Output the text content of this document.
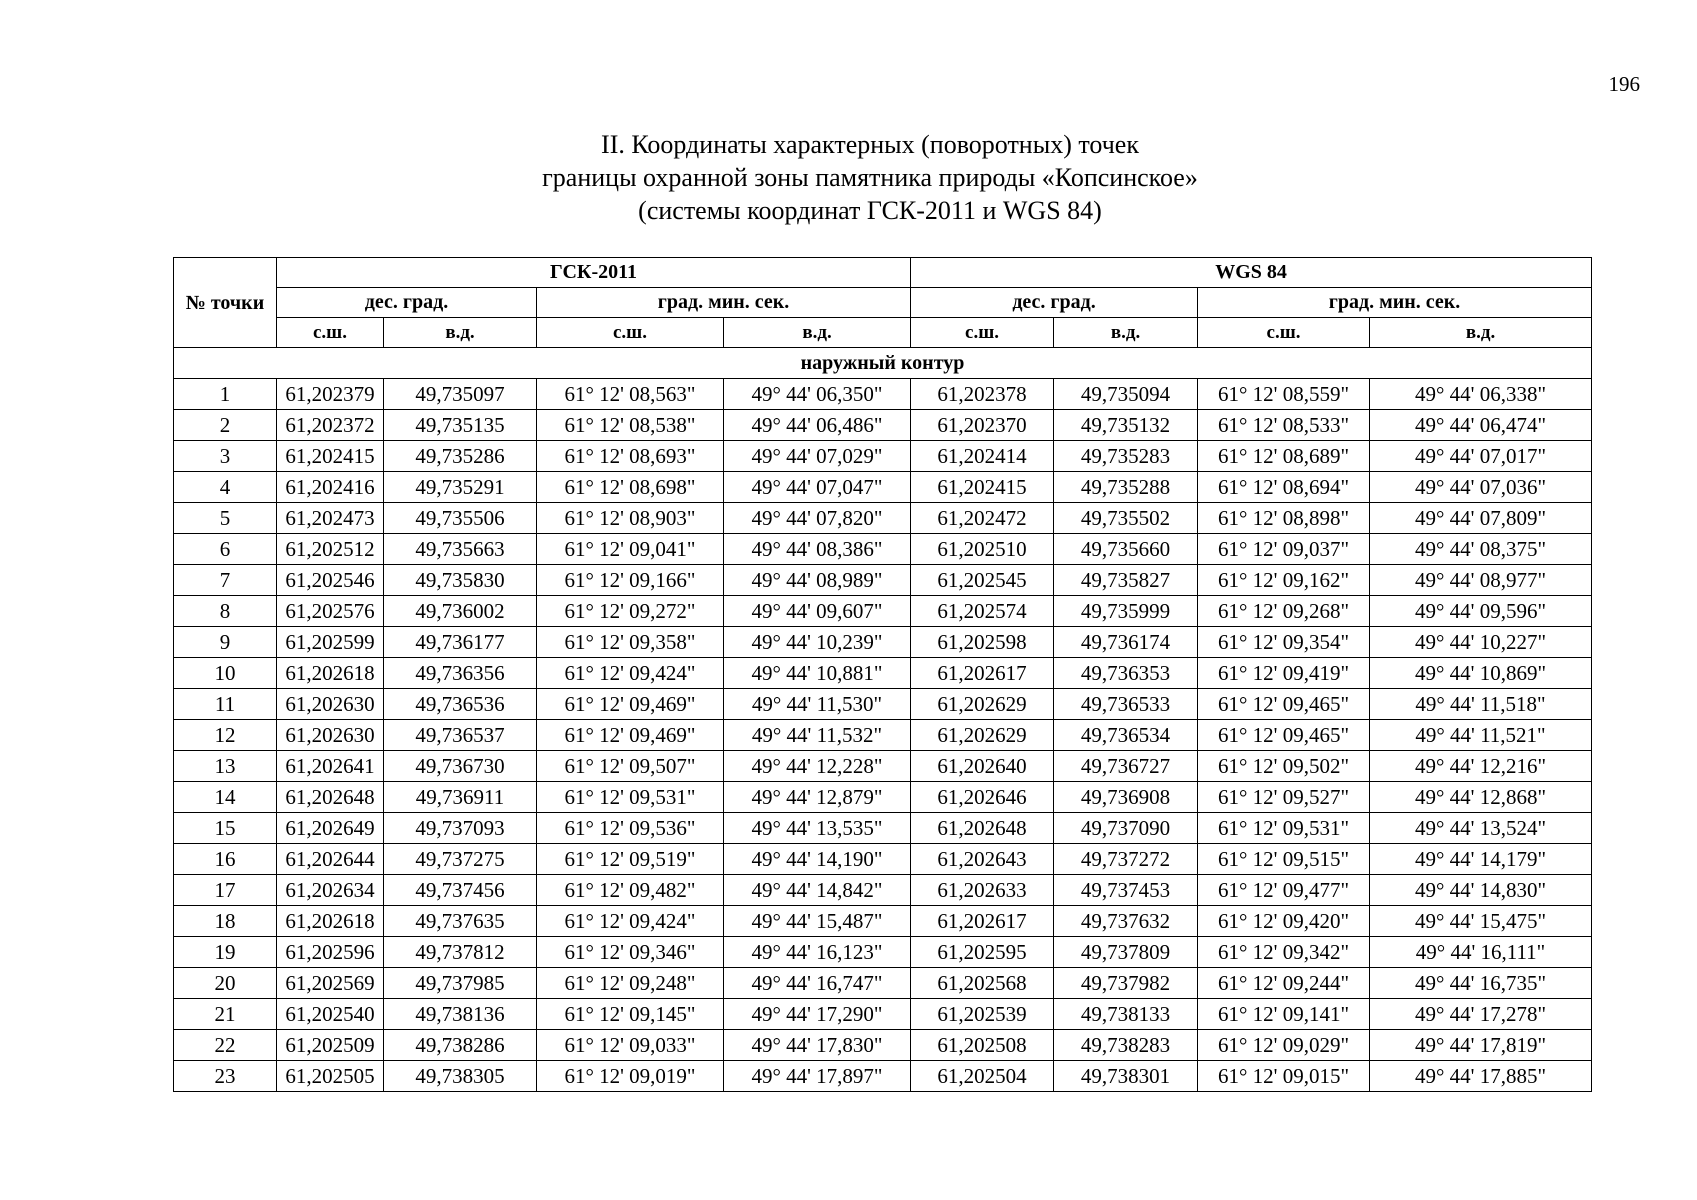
196
II. Координаты характерных (поворотных) точек
границы охранной зоны памятника природы «Копсинское»
(системы координат ГСК-2011 и WGS 84)
№ точки	ГСК-2011				WGS 84			
	дес. град.		град. мин. сек.		дес. град.		град. мин. сек.	
	с.ш.	в.д.	с.ш.	в.д.	с.ш.	в.д.	с.ш.	в.д.
наружный контур								
1	61,202379	49,735097	61° 12' 08,563"	49° 44' 06,350"	61,202378	49,735094	61° 12' 08,559"	49° 44' 06,338"
2	61,202372	49,735135	61° 12' 08,538"	49° 44' 06,486"	61,202370	49,735132	61° 12' 08,533"	49° 44' 06,474"
3	61,202415	49,735286	61° 12' 08,693"	49° 44' 07,029"	61,202414	49,735283	61° 12' 08,689"	49° 44' 07,017"
4	61,202416	49,735291	61° 12' 08,698"	49° 44' 07,047"	61,202415	49,735288	61° 12' 08,694"	49° 44' 07,036"
5	61,202473	49,735506	61° 12' 08,903"	49° 44' 07,820"	61,202472	49,735502	61° 12' 08,898"	49° 44' 07,809"
6	61,202512	49,735663	61° 12' 09,041"	49° 44' 08,386"	61,202510	49,735660	61° 12' 09,037"	49° 44' 08,375"
7	61,202546	49,735830	61° 12' 09,166"	49° 44' 08,989"	61,202545	49,735827	61° 12' 09,162"	49° 44' 08,977"
8	61,202576	49,736002	61° 12' 09,272"	49° 44' 09,607"	61,202574	49,735999	61° 12' 09,268"	49° 44' 09,596"
9	61,202599	49,736177	61° 12' 09,358"	49° 44' 10,239"	61,202598	49,736174	61° 12' 09,354"	49° 44' 10,227"
10	61,202618	49,736356	61° 12' 09,424"	49° 44' 10,881"	61,202617	49,736353	61° 12' 09,419"	49° 44' 10,869"
11	61,202630	49,736536	61° 12' 09,469"	49° 44' 11,530"	61,202629	49,736533	61° 12' 09,465"	49° 44' 11,518"
12	61,202630	49,736537	61° 12' 09,469"	49° 44' 11,532"	61,202629	49,736534	61° 12' 09,465"	49° 44' 11,521"
13	61,202641	49,736730	61° 12' 09,507"	49° 44' 12,228"	61,202640	49,736727	61° 12' 09,502"	49° 44' 12,216"
14	61,202648	49,736911	61° 12' 09,531"	49° 44' 12,879"	61,202646	49,736908	61° 12' 09,527"	49° 44' 12,868"
15	61,202649	49,737093	61° 12' 09,536"	49° 44' 13,535"	61,202648	49,737090	61° 12' 09,531"	49° 44' 13,524"
16	61,202644	49,737275	61° 12' 09,519"	49° 44' 14,190"	61,202643	49,737272	61° 12' 09,515"	49° 44' 14,179"
17	61,202634	49,737456	61° 12' 09,482"	49° 44' 14,842"	61,202633	49,737453	61° 12' 09,477"	49° 44' 14,830"
18	61,202618	49,737635	61° 12' 09,424"	49° 44' 15,487"	61,202617	49,737632	61° 12' 09,420"	49° 44' 15,475"
19	61,202596	49,737812	61° 12' 09,346"	49° 44' 16,123"	61,202595	49,737809	61° 12' 09,342"	49° 44' 16,111"
20	61,202569	49,737985	61° 12' 09,248"	49° 44' 16,747"	61,202568	49,737982	61° 12' 09,244"	49° 44' 16,735"
21	61,202540	49,738136	61° 12' 09,145"	49° 44' 17,290"	61,202539	49,738133	61° 12' 09,141"	49° 44' 17,278"
22	61,202509	49,738286	61° 12' 09,033"	49° 44' 17,830"	61,202508	49,738283	61° 12' 09,029"	49° 44' 17,819"
23	61,202505	49,738305	61° 12' 09,019"	49° 44' 17,897"	61,202504	49,738301	61° 12' 09,015"	49° 44' 17,885"
